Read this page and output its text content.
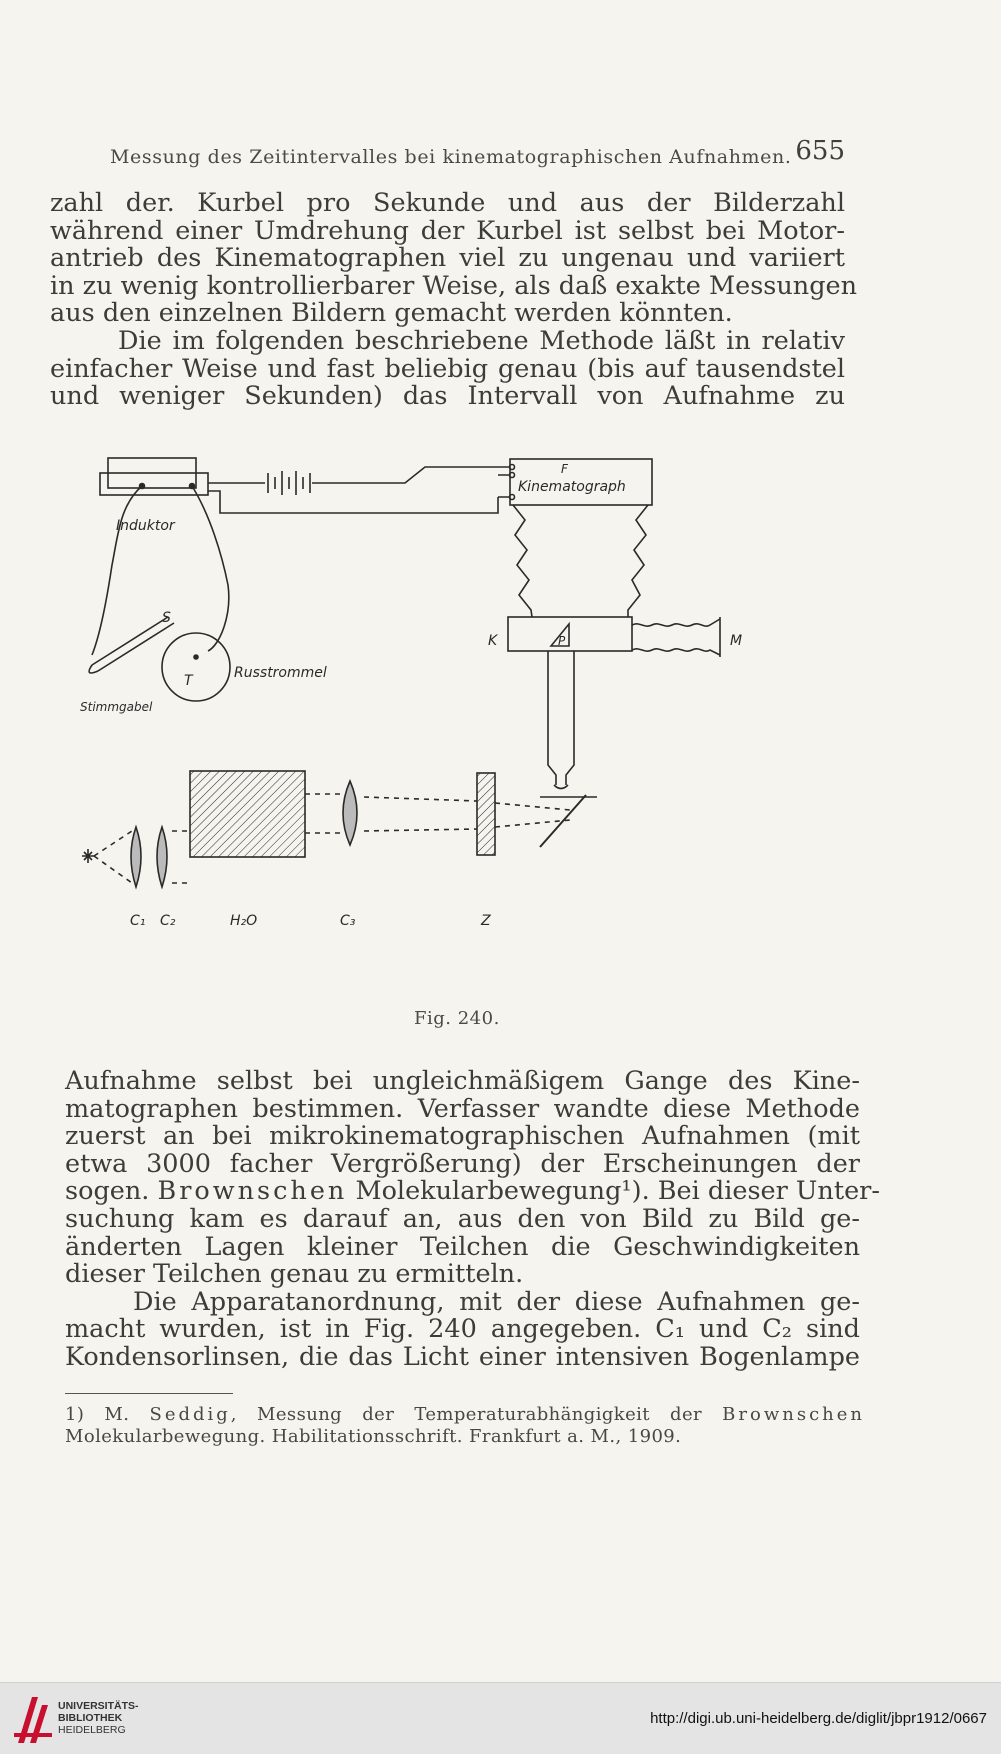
Messung des Zeitintervalles bei kinematographischen Aufnahmen. 655
zahl der. Kurbel pro Sekunde und aus der Bilderzahl
während einer Umdrehung der Kurbel ist selbst bei Motor-
antrieb des Kinematographen viel zu ungenau und variiert
in zu wenig kontrollierbarer Weise, als daß exakte Messungen
aus den einzelnen Bildern gemacht werden könnten.
Die im folgenden beschriebene Methode läßt in relativ
einfacher Weise und fast beliebig genau (bis auf tausendstel
und weniger Sekunden) das Intervall von Aufnahme zu
Induktor
F
Kinematograph
S
T	Russtrommel
Stimmgabel
K	P	M
C₁ C₂	H₂O	C₃	Z
Fig. 240.
Aufnahme selbst bei ungleichmäßigem Gange des Kine-
matographen bestimmen. Verfasser wandte diese Methode
zuerst an bei mikrokinematographischen Aufnahmen (mit
etwa 3000 facher Vergrößerung) der Erscheinungen der
sogen. Brownschen Molekularbewegung¹). Bei dieser Unter-
suchung kam es darauf an, aus den von Bild zu Bild ge-
änderten Lagen kleiner Teilchen die Geschwindigkeiten
dieser Teilchen genau zu ermitteln.
Die Apparatanordnung, mit der diese Aufnahmen ge-
macht wurden, ist in Fig. 240 angegeben. C₁ und C₂ sind
Kondensorlinsen, die das Licht einer intensiven Bogenlampe
1) M. Seddig, Messung der Temperaturabhängigkeit der Brownschen
Molekularbewegung. Habilitationsschrift. Frankfurt a. M., 1909.
UNIVERSITÄTS-
BIBLIOTHEK
HEIDELBERG
http://digi.ub.uni-heidelberg.de/diglit/jbpr1912/0667
